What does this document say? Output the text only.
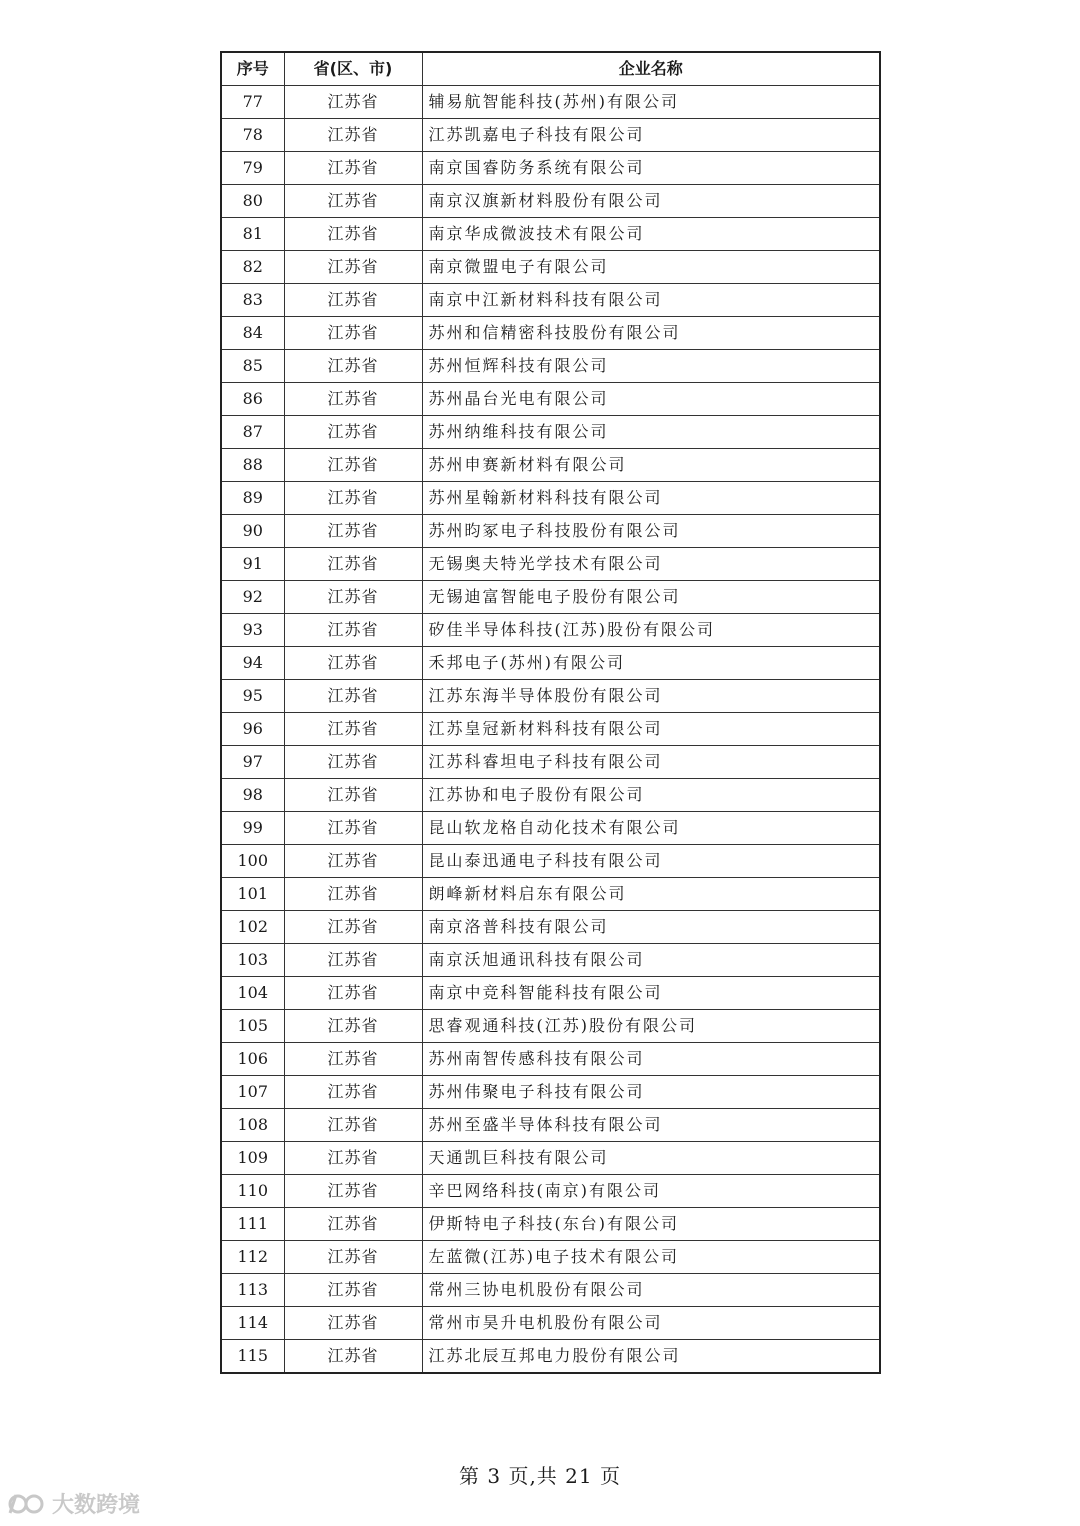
序号	省(区、市)	企业名称
77	江苏省	辅易航智能科技(苏州)有限公司
78	江苏省	江苏凯嘉电子科技有限公司
79	江苏省	南京国睿防务系统有限公司
80	江苏省	南京汉旗新材料股份有限公司
81	江苏省	南京华成微波技术有限公司
82	江苏省	南京微盟电子有限公司
83	江苏省	南京中江新材料科技有限公司
84	江苏省	苏州和信精密科技股份有限公司
85	江苏省	苏州恒辉科技有限公司
86	江苏省	苏州晶台光电有限公司
87	江苏省	苏州纳维科技有限公司
88	江苏省	苏州申赛新材料有限公司
89	江苏省	苏州星翰新材料科技有限公司
90	江苏省	苏州昀冢电子科技股份有限公司
91	江苏省	无锡奥夫特光学技术有限公司
92	江苏省	无锡迪富智能电子股份有限公司
93	江苏省	矽佳半导体科技(江苏)股份有限公司
94	江苏省	禾邦电子(苏州)有限公司
95	江苏省	江苏东海半导体股份有限公司
96	江苏省	江苏皇冠新材料科技有限公司
97	江苏省	江苏科睿坦电子科技有限公司
98	江苏省	江苏协和电子股份有限公司
99	江苏省	昆山软龙格自动化技术有限公司
100	江苏省	昆山泰迅通电子科技有限公司
101	江苏省	朗峰新材料启东有限公司
102	江苏省	南京洛普科技有限公司
103	江苏省	南京沃旭通讯科技有限公司
104	江苏省	南京中竞科智能科技有限公司
105	江苏省	思睿观通科技(江苏)股份有限公司
106	江苏省	苏州南智传感科技有限公司
107	江苏省	苏州伟聚电子科技有限公司
108	江苏省	苏州至盛半导体科技有限公司
109	江苏省	天通凯巨科技有限公司
110	江苏省	辛巴网络科技(南京)有限公司
111	江苏省	伊斯特电子科技(东台)有限公司
112	江苏省	左蓝微(江苏)电子技术有限公司
113	江苏省	常州三协电机股份有限公司
114	江苏省	常州市昊升电机股份有限公司
115	江苏省	江苏北辰互邦电力股份有限公司
第 3 页,共 21 页
大数跨境
